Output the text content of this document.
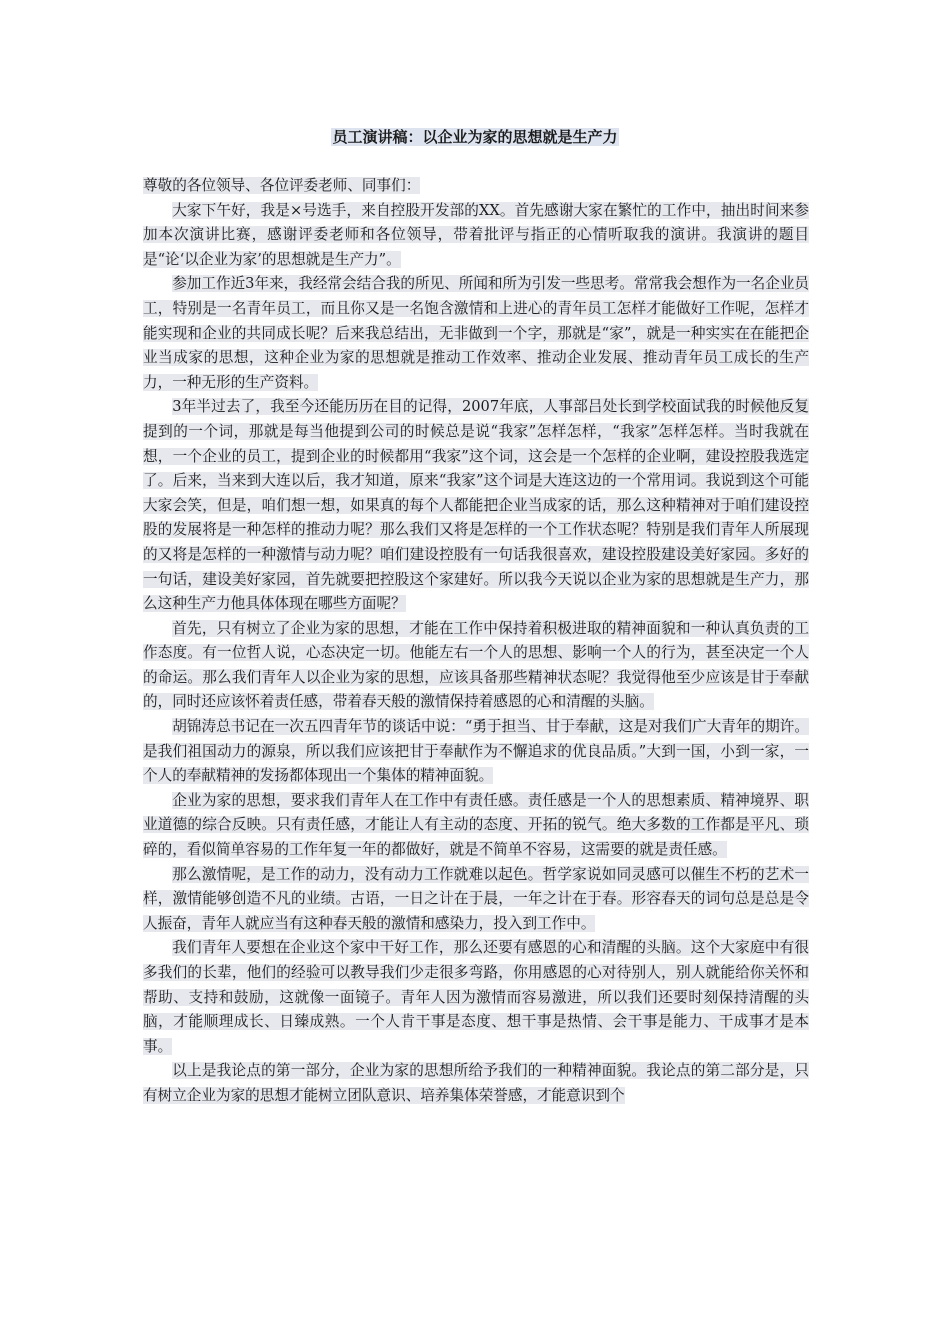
员工演讲稿：以企业为家的思想就是生产力

尊敬的各位领导、各位评委老师、同事们：

大家下午好，我是×号选手，来自控股开发部的XX。首先感谢大家在繁忙的工作中，抽出时间来参加本次演讲比赛，感谢评委老师和各位领导，带着批评与指正的心情听取我的演讲。我演讲的题目是“论‘以企业为家’的思想就是生产力”。

参加工作近3年来，我经常会结合我的所见、所闻和所为引发一些思考。常常我会想作为一名企业员工，特别是一名青年员工，而且你又是一名饱含激情和上进心的青年员工怎样才能做好工作呢，怎样才能实现和企业的共同成长呢？后来我总结出，无非做到一个字，那就是“家”，就是一种实实在在能把企业当成家的思想，这种企业为家的思想就是推动工作效率、推动企业发展、推动青年员工成长的生产力，一种无形的生产资料。

3年半过去了，我至今还能历历在目的记得，2007年底，人事部吕处长到学校面试我的时候他反复提到的一个词，那就是每当他提到公司的时候总是说“我家”怎样怎样，“我家”怎样怎样。当时我就在想，一个企业的员工，提到企业的时候都用“我家”这个词，这会是一个怎样的企业啊，建设控股我选定了。后来，当来到大连以后，我才知道，原来“我家”这个词是大连这边的一个常用词。我说到这个可能大家会笑，但是，咱们想一想，如果真的每个人都能把企业当成家的话，那么这种精神对于咱们建设控股的发展将是一种怎样的推动力呢？那么我们又将是怎样的一个工作状态呢？特别是我们青年人所展现的又将是怎样的一种激情与动力呢？咱们建设控股有一句话我很喜欢，建设控股建设美好家园。多好的一句话，建设美好家园，首先就要把控股这个家建好。所以我今天说以企业为家的思想就是生产力，那么这种生产力他具体体现在哪些方面呢？

首先，只有树立了企业为家的思想，才能在工作中保持着积极进取的精神面貌和一种认真负责的工作态度。有一位哲人说，心态决定一切。他能左右一个人的思想、影响一个人的行为，甚至决定一个人的命运。那么我们青年人以企业为家的思想，应该具备那些精神状态呢？我觉得他至少应该是甘于奉献的，同时还应该怀着责任感，带着春天般的激情保持着感恩的心和清醒的头脑。

胡锦涛总书记在一次五四青年节的谈话中说：“勇于担当、甘于奉献，这是对我们广大青年的期许。是我们祖国动力的源泉，所以我们应该把甘于奉献作为不懈追求的优良品质。”大到一国，小到一家，一个人的奉献精神的发扬都体现出一个集体的精神面貌。

企业为家的思想，要求我们青年人在工作中有责任感。责任感是一个人的思想素质、精神境界、职业道德的综合反映。只有责任感，才能让人有主动的态度、开拓的锐气。绝大多数的工作都是平凡、琐碎的，看似简单容易的工作年复一年的都做好，就是不简单不容易，这需要的就是责任感。

那么激情呢，是工作的动力，没有动力工作就难以起色。哲学家说如同灵感可以催生不朽的艺术一样，激情能够创造不凡的业绩。古语，一日之计在于晨，一年之计在于春。形容春天的词句总是总是令人振奋，青年人就应当有这种春天般的激情和感染力，投入到工作中。

我们青年人要想在企业这个家中干好工作，那么还要有感恩的心和清醒的头脑。这个大家庭中有很多我们的长辈，他们的经验可以教导我们少走很多弯路，你用感恩的心对待别人，别人就能给你关怀和帮助、支持和鼓励，这就像一面镜子。青年人因为激情而容易激进，所以我们还要时刻保持清醒的头脑，才能顺理成长、日臻成熟。一个人肯干事是态度、想干事是热情、会干事是能力、干成事才是本事。

以上是我论点的第一部分，企业为家的思想所给予我们的一种精神面貌。我论点的第二部分是，只有树立企业为家的思想才能树立团队意识、培养集体荣誉感，才能意识到个
